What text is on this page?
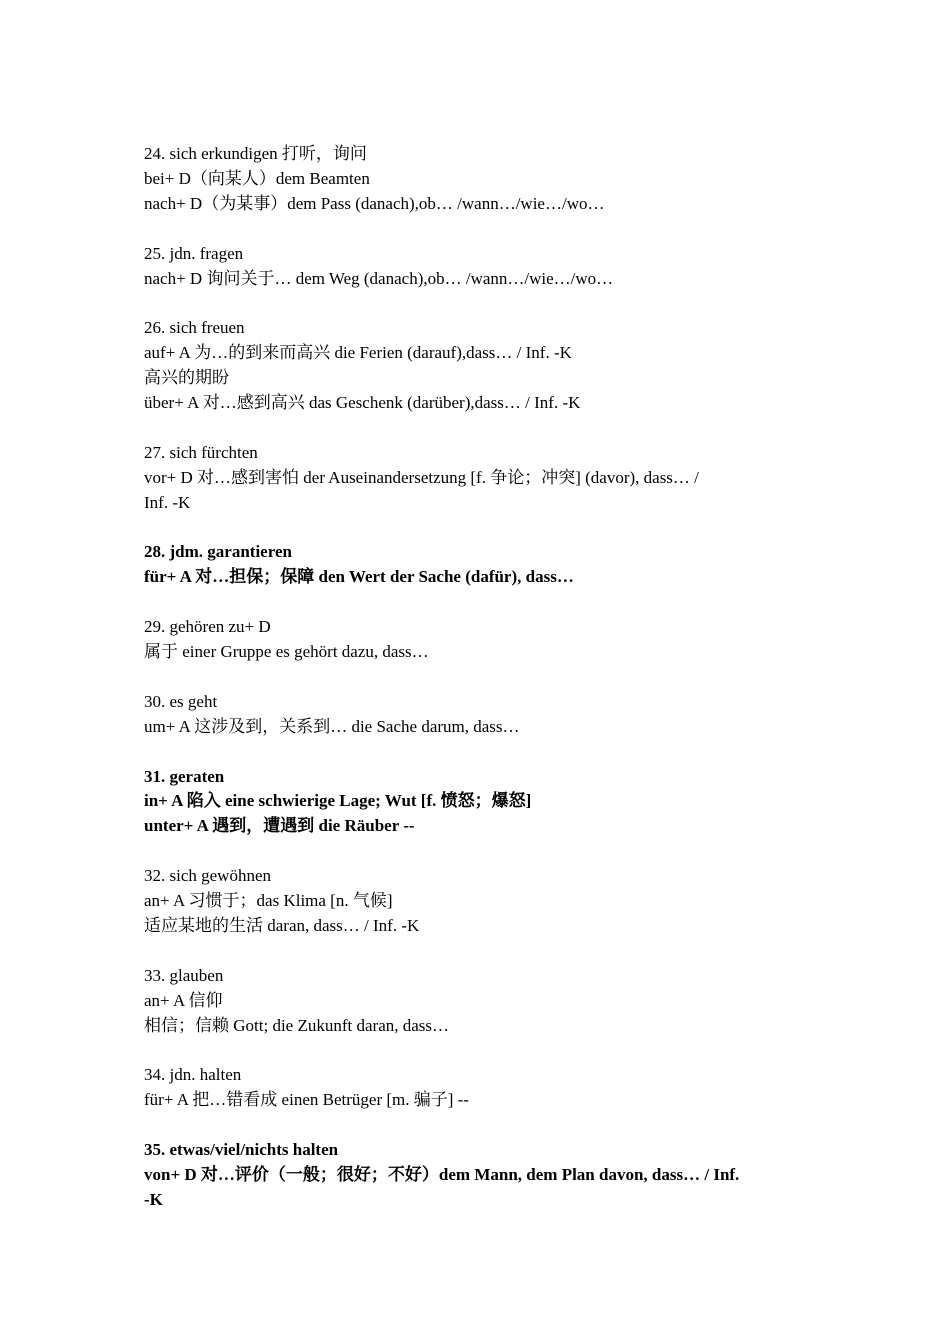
24. sich erkundigen 打听，询问
bei+ D（向某人）dem Beamten
nach+ D（为某事）dem Pass (danach),ob… /wann…/wie…/wo…
25. jdn. fragen
nach+ D 询问关于… dem Weg (danach),ob… /wann…/wie…/wo…
26. sich freuen
auf+ A 为…的到来而高兴 die Ferien (darauf),dass… / Inf. -K
高兴的期盼
über+ A 对…感到高兴 das Geschenk (darüber),dass… / Inf. -K
27. sich fürchten
vor+ D 对…感到害怕 der Auseinandersetzung [f. 争论；冲突] (davor), dass… /
Inf. -K
28. jdm. garantieren
für+ A 对…担保；保障 den Wert der Sache (dafür), dass…
29. gehören zu+ D
属于 einer Gruppe es gehört dazu, dass…
30. es geht
um+ A 这涉及到，关系到… die Sache darum, dass…
31. geraten
in+ A 陷入 eine schwierige Lage; Wut [f. 愤怒；爆怒]
unter+ A 遇到，遭遇到 die Räuber --
32. sich gewöhnen
an+ A 习惯于；das Klima [n. 气候]
适应某地的生活 daran, dass… / Inf. -K
33. glauben
an+ A 信仰
相信；信赖 Gott; die Zukunft daran, dass…
34. jdn. halten
für+ A 把…错看成 einen Betrüger [m. 骗子] --
35. etwas/viel/nichts halten
von+ D 对…评价（一般；很好；不好）dem Mann, dem Plan davon, dass… / Inf.
-K
